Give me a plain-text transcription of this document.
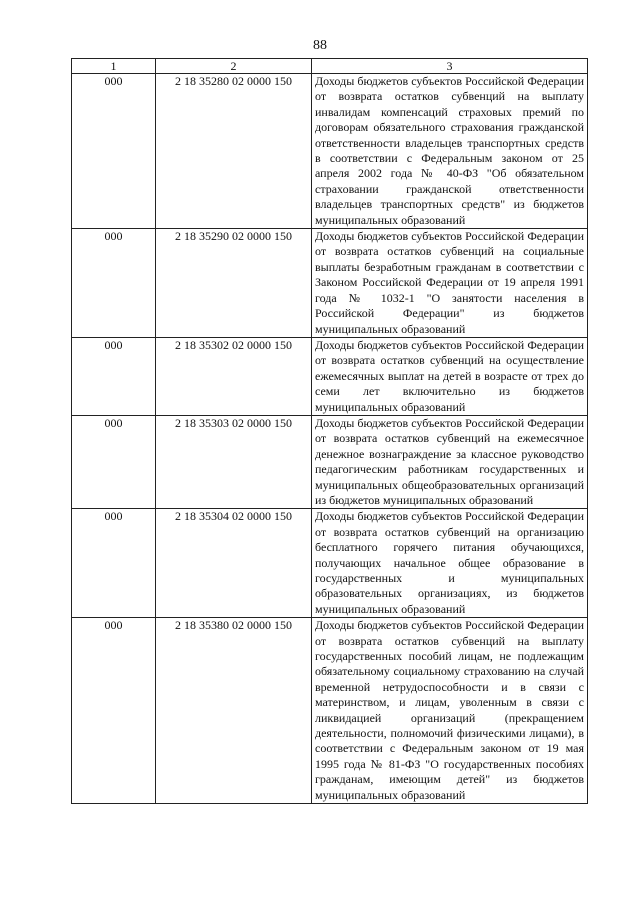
88
1	2	3
000	2 18 35280 02 0000 150	Доходы бюджетов субъектов Российской Федерации от возврата остатков субвенций на выплату инвалидам компенсаций страховых премий по договорам обязательного страхования гражданской ответственности владельцев транспортных средств в соответствии с Федеральным законом от 25 апреля 2002 года № 40-ФЗ "Об обязательном страховании гражданской ответственности владельцев транспортных средств" из бюджетов муниципальных образований
000	2 18 35290 02 0000 150	Доходы бюджетов субъектов Российской Федерации от возврата остатков субвенций на социальные выплаты безработным гражданам в соответствии с Законом Российской Федерации от 19 апреля 1991 года № 1032-1 "О занятости населения в Российской Федерации" из бюджетов муниципальных образований
000	2 18 35302 02 0000 150	Доходы бюджетов субъектов Российской Федерации от возврата остатков субвенций на осуществление ежемесячных выплат на детей в возрасте от трех до семи лет включительно из бюджетов муниципальных образований
000	2 18 35303 02 0000 150	Доходы бюджетов субъектов Российской Федерации от возврата остатков субвенций на ежемесячное денежное вознаграждение за классное руководство педагогическим работникам государственных и муниципальных общеобразовательных организаций из бюджетов муниципальных образований
000	2 18 35304 02 0000 150	Доходы бюджетов субъектов Российской Федерации от возврата остатков субвенций на организацию бесплатного горячего питания обучающихся, получающих начальное общее образование в государственных и муниципальных образовательных организациях, из бюджетов муниципальных образований
000	2 18 35380 02 0000 150	Доходы бюджетов субъектов Российской Федерации от возврата остатков субвенций на выплату государственных пособий лицам, не подлежащим обязательному социальному страхованию на случай временной нетрудоспособности и в связи с материнством, и лицам, уволенным в связи с ликвидацией организаций (прекращением деятельности, полномочий физическими лицами), в соответствии с Федеральным законом от 19 мая 1995 года № 81-ФЗ "О государственных пособиях гражданам, имеющим детей" из бюджетов муниципальных образований
